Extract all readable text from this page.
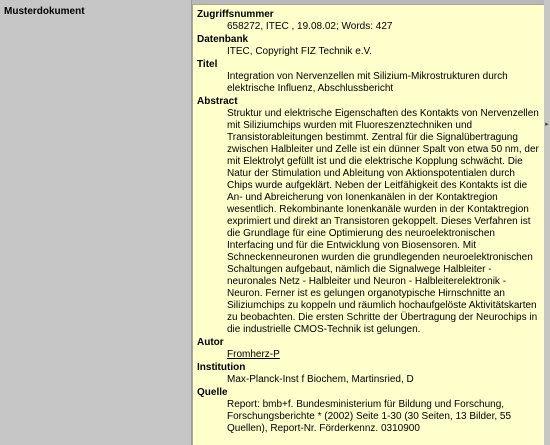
Musterdokument	Zugriffsnummer
658272, ITEC , 19.08.02; Words: 427
Datenbank
ITEC, Copyright FIZ Technik e.V.
Titel
Integration von Nervenzellen mit Silizium-Mikrostrukturen durch elektrische Influenz, Abschlussbericht
Abstract
Struktur und elektrische Eigenschaften des Kontakts von Nervenzellen mit Siliziumchips wurden mit Fluoreszenztechniken und Transistorableitungen bestimmt. Zentral für die Signalübertragung zwischen Halbleiter und Zelle ist ein dünner Spalt von etwa 50 nm, der mit Elektrolyt gefüllt ist und die elektrische Kopplung schwächt. Die Natur der Stimulation und Ableitung von Aktionspotentialen durch Chips wurde aufgeklärt. Neben der Leitfähigkeit des Kontakts ist die An- und Abreicherung von Ionenkanälen in der Kontaktregion wesentlich. Rekombinante Ionenkanäle wurden in der Kontaktregion exprimiert und direkt an Transistoren gekoppelt. Dieses Verfahren ist die Grundlage für eine Optimierung des neuroelektronischen Interfacing und für die Entwicklung von Biosensoren. Mit Schneckenneuronen wurden die grundlegenden neuroelektronischen Schaltungen aufgebaut, nämlich die Signalwege Halbleiter - neuronales Netz - Halbleiter und Neuron - Halbleiterelektronik - Neuron. Ferner ist es gelungen organotypische Hirnschnitte an Siliziumchips zu koppeln und räumlich hochaufgelöste Aktivitätskarten zu beobachten. Die ersten Schritte der Übertragung der Neurochips in die industrielle CMOS-Technik ist gelungen.
Autor
Fromherz-P
Institution
Max-Planck-Inst f Biochem, Martinsried, D
Quelle
Report: bmb+f. Bundesministerium für Bildung und Forschung, Forschungsberichte * (2002) Seite 1-30 (30 Seiten, 13 Bilder, 55 Quellen), Report-Nr. Förderkennz. 0310900
▸
